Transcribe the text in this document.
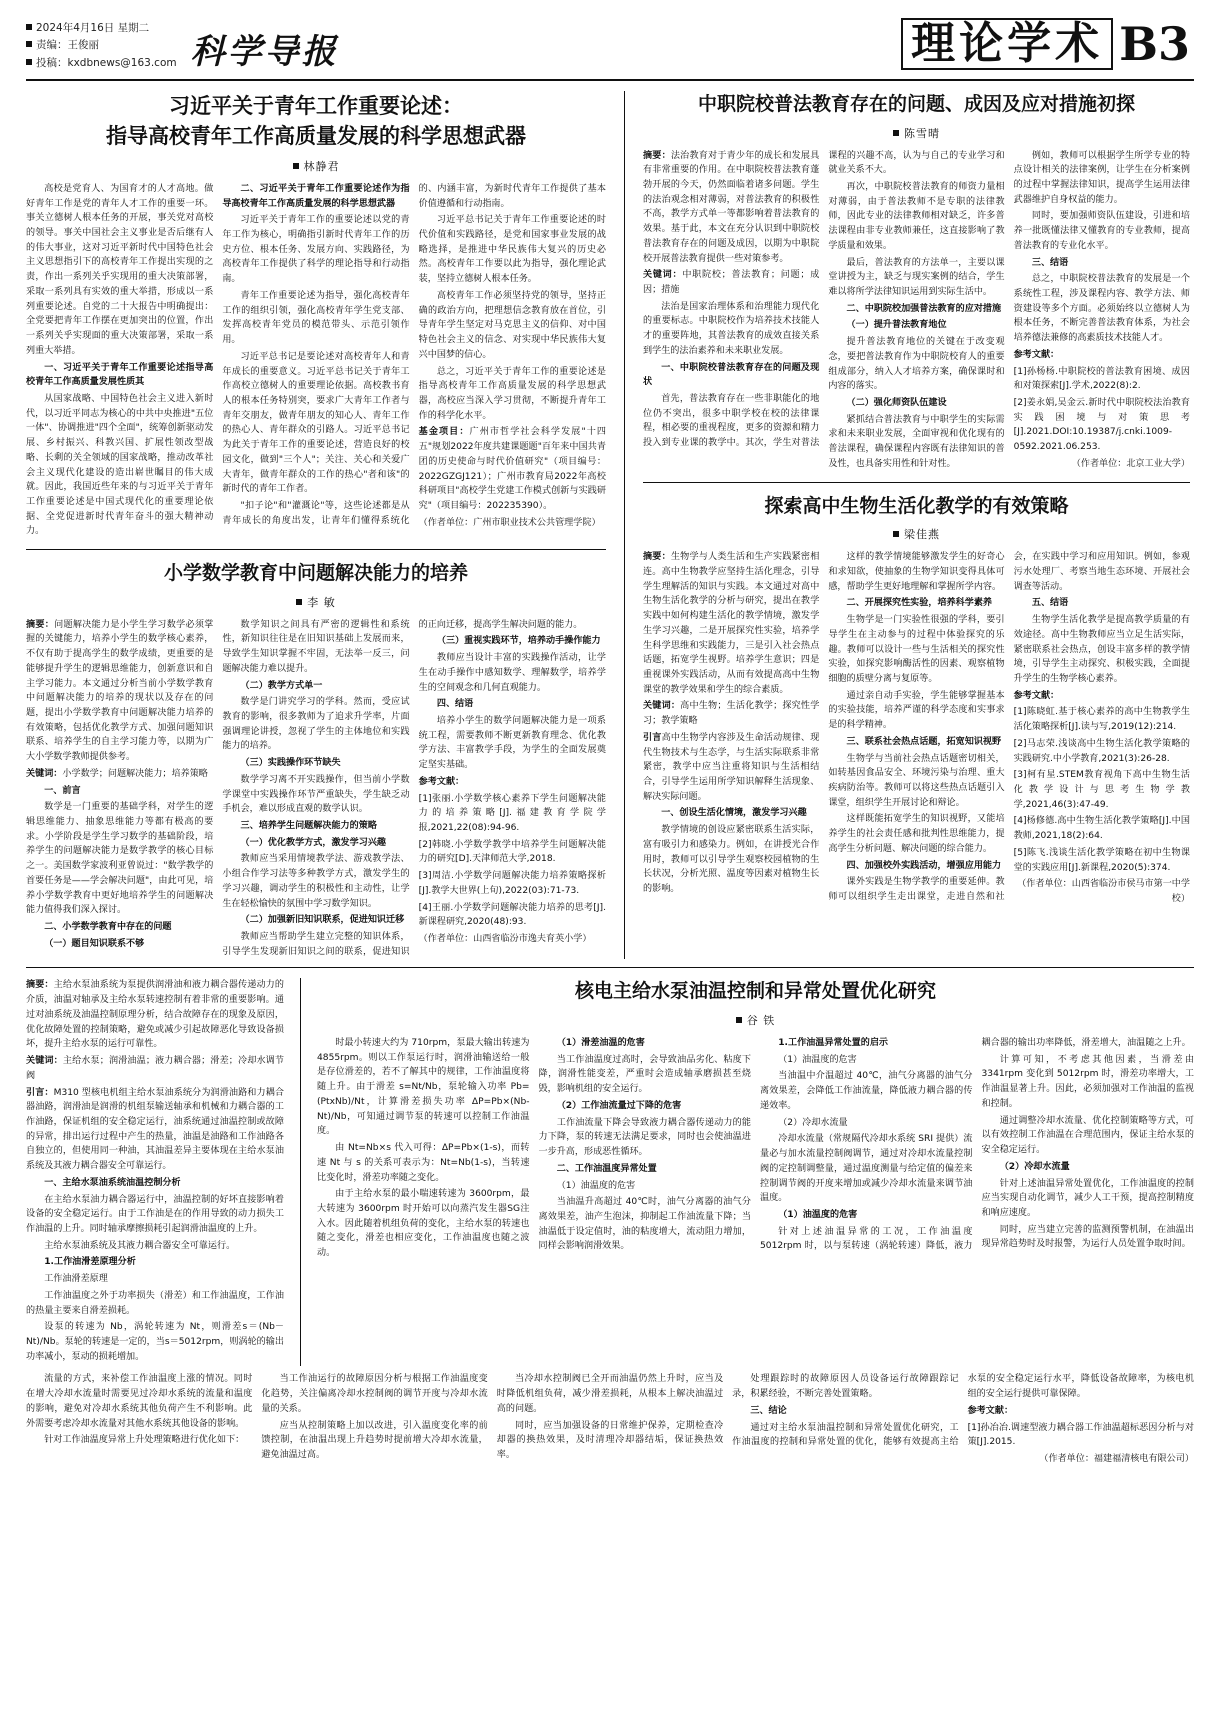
2024年4月16日 星期二
责编：王俊丽
投稿：kxdbnews@163.com 科学导报	理论学术 B3
习近平关于青年工作重要论述：
指导高校青年工作高质量发展的科学思想武器
林静君

高校是党育人、为国育才的人才高地。做好青年工作是党的青年人才工作的重要一环。事关立德树人根本任务的开展，事关党对高校的领导。事关中国社会主义事业是否后继有人的伟大事业，这对习近平新时代中国特色社会主义思想指引下的高校青年工作提出实现的之责，作出一系列关乎实现用的重大决策部署，采取一系列具有实效的重大举措，形成以一系列重要论述。自党的二十大报告中明确提出：全党要把青年工作摆在更加突出的位置，作出一系列关乎实现面的重大决策部署，采取一系列重大举措。

一、习近平关于青年工作重要论述指导高校青年工作高质量发展性质其

从国家战略、中国特色社会主义进入新时代，以习近平同志为核心的中共中央推进"五位一体"、协调推进"四个全面"，统筹创新驱动发展、乡村振兴、科教兴国、扩展性领改型战略、长剩的关全领域的国家战略，推动改革社会主义现代化建设的造出崭世瞩目的伟大成就。因此，我国近些年来的与习近平关于青年工作重要论述是中国式现代化的重要理论依据、全党促进新时代青年奋斗的强大精神动力。

二、习近平关于青年工作重要论述作为指导高校青年工作高质量发展的科学思想武器

习近平关于青年工作的重要论述以党的青年工作为核心，明确指引新时代青年工作的历史方位、根本任务、发展方向、实践路径，为高校青年工作提供了科学的理论指导和行动指南。

青年工作重要论述为指导，强化高校青年工作的组织引领，强化高校青年学生党支部、发挥高校青年党员的模范带头、示范引领作用。

习近平总书记是要论述对高校青年人和青年成长的重要意义。习近平总书记关于青年工作高校立德树人的重要理论依据。高校教书育人的根本任务特别突，要求广大青年工作者与青年交朋友，做青年朋友的知心人、青年工作的热心人、青年群众的引路人。习近平总书记为此关于青年工作的重要论述，营造良好的校园文化，做到"三个人"；关注、关心和关爱广大青年，做青年群众的工作的热心"者和该"的新时代的青年工作者。

"扣子论"和"灌溉论"等，这些论述都是从青年成长的角度出发，让青年们懂得系统化的、内涵丰富，为新时代青年工作提供了基本价值遵循和行动指南。

习近平总书记关于青年工作重要论述的时代价值和实践路径，是党和国家事业发展的战略选择，是推进中华民族伟大复兴的历史必然。高校青年工作要以此为指导，强化理论武装，坚持立德树人根本任务。

高校青年工作必须坚持党的领导，坚持正确的政治方向，把理想信念教育放在首位，引导青年学生坚定对马克思主义的信仰、对中国特色社会主义的信念、对实现中华民族伟大复兴中国梦的信心。

总之，习近平关于青年工作的重要论述是指导高校青年工作高质量发展的科学思想武器，高校应当深入学习贯彻，不断提升青年工作的科学化水平。

基金项目：广州市哲学社会科学发展"十四五"规划2022年度共建课题题"百年来中国共青团的历史使命与时代价值研究"（项目编号：2022GZGJ121）；广州市教育局2022年高校科研项目"高校学生党建工作模式创新与实践研究"（项目编号：202235390）。

（作者单位：广州市职业技术公共管理学院）

小学数学教育中问题解决能力的培养
李 敏

摘要：问题解决能力是小学生学习数学必须掌握的关键能力，培养小学生的数学核心素养，不仅有助于提高学生的数学成绩，更重要的是能够提升学生的逻辑思维能力，创新意识和自主学习能力。本文通过分析当前小学数学教育中问题解决能力的培养的现状以及存在的问题，提出小学数学教育中问题解决能力培养的有效策略，包括优化教学方式、加强问题知识联系、培养学生的自主学习能力等，以期为广大小学数学教师提供参考。

关键词：小学数学；问题解决能力；培养策略

一、前言

数学是一门重要的基础学科，对学生的逻辑思维能力、抽象思维能力等都有极高的要求。小学阶段是学生学习数学的基础阶段，培养学生的问题解决能力是数学教学的核心目标之一。美国数学家波利亚曾说过："数学教学的首要任务是——学会解决问题"，由此可见，培养小学数学教育中更好地培养学生的问题解决能力值得我们深入探讨。

二、小学数学教育中存在的问题

（一）题目知识联系不够

数学知识之间具有严密的逻辑性和系统性，新知识往往是在旧知识基础上发展而来，导致学生知识掌握不牢固，无法举一反三，问题解决能力难以提升。

（二）教学方式单一

数学是门讲究学习的学科。然而，受应试教育的影响，很多教师为了追求升学率，片面强调理论讲授，忽视了学生的主体地位和实践能力的培养。

（三）实践操作环节缺失

数学学习离不开实践操作，但当前小学数学课堂中实践操作环节严重缺失，学生缺乏动手机会，难以形成直观的数学认识。

三、培养学生问题解决能力的策略

（一）优化教学方式，激发学习兴趣

教师应当采用情境教学法、游戏教学法、小组合作学习法等多种教学方式，激发学生的学习兴趣，调动学生的积极性和主动性，让学生在轻松愉快的氛围中学习数学知识。

（二）加强新旧知识联系，促进知识迁移

教师应当帮助学生建立完整的知识体系，引导学生发现新旧知识之间的联系，促进知识的正向迁移，提高学生解决问题的能力。

（三）重视实践环节，培养动手操作能力

教师应当设计丰富的实践操作活动，让学生在动手操作中感知数学、理解数学，培养学生的空间观念和几何直观能力。

四、结语

培养小学生的数学问题解决能力是一项系统工程，需要教师不断更新教育理念、优化教学方法、丰富教学手段，为学生的全面发展奠定坚实基础。

参考文献：

[1]张丽.小学数学核心素养下学生问题解决能力的培养策略[J].福建教育学院学报,2021,22(08):94-96.

[2]韩晓.小学数学教学中培养学生问题解决能力的研究[D].天津师范大学,2018.

[3]周洁.小学数学问题解决能力培养策略探析[J].教学大世界(上旬),2022(03):71-73.

[4]王丽.小学数学问题解决能力培养的思考[J].新课程研究,2020(48):93.

（作者单位：山西省临汾市逸夫育英小学）

中职院校普法教育存在的问题、成因及应对措施初探
陈雪晴

摘要：法治教育对于青少年的成长和发展具有非常重要的作用。在中职院校普法教育蓬勃开展的今天，仍然面临着诸多问题。学生的法治观念相对薄弱，对普法教育的积极性不高，教学方式单一等都影响着普法教育的效果。基于此，本文在充分认识到中职院校普法教育存在的问题及成因，以期为中职院校开展普法教育提供一些对策参考。

关键词：中职院校；普法教育；问题；成因；措施

法治是国家治理体系和治理能力现代化的重要标志。中职院校作为培养技术技能人才的重要阵地，其普法教育的成效直接关系到学生的法治素养和未来职业发展。

一、中职院校普法教育存在的问题及现状

首先，普法教育存在一些非职能化的地位仍不突出，很多中职学校在校的法律课程，相必要的重视程度，更多的资源和精力投入到专业课的教学中。其次，学生对普法课程的兴趣不高，认为与自己的专业学习和就业关系不大。

再次，中职院校普法教育的师资力量相对薄弱，由于普法教师不是专职的法律教师，因此专业的法律教师相对缺乏，许多普法课程由非专业教师兼任，这直接影响了教学质量和效果。

最后，普法教育的方法单一，主要以课堂讲授为主，缺乏与现实案例的结合，学生难以将所学法律知识运用到实际生活中。

二、中职院校加强普法教育的应对措施

（一）提升普法教育地位

提升普法教育地位的关键在于改变观念，要把普法教育作为中职院校育人的重要组成部分，纳入人才培养方案，确保课时和内容的落实。

（二）强化师资队伍建设

紧抓结合普法教育与中职学生的实际需求和未来职业发展，全面审视和优化现有的普法课程，确保课程内容既有法律知识的普及性，也具备实用性和针对性。

例如，教师可以根据学生所学专业的特点设计相关的法律案例，让学生在分析案例的过程中掌握法律知识，提高学生运用法律武器维护自身权益的能力。

同时，要加强师资队伍建设，引进和培养一批既懂法律又懂教育的专业教师，提高普法教育的专业化水平。

三、结语

总之，中职院校普法教育的发展是一个系统性工程，涉及课程内容、教学方法、师资建设等多个方面。必须始终以立德树人为根本任务，不断完善普法教育体系，为社会培养德法兼修的高素质技术技能人才。

参考文献：

[1]孙杨杨.中职院校的普法教育困境、成因和对策探索[J].学术,2022(8):2.

[2]姜永娟,吴金云.新时代中职院校法治教育实践困境与对策思考[J].2021.DOI:10.19387/j.cnki.1009-0592.2021.06.253.

（作者单位：北京工业大学）

探索高中生物生活化教学的有效策略
梁佳燕

摘要：生物学与人类生活和生产实践紧密相连。高中生物教学应坚持生活化理念，引导学生理解活的知识与实践。本文通过对高中生物生活化教学的分析与研究，提出在教学实践中如何构建生活化的教学情境，激发学生学习兴趣，二是开展探究性实验，培养学生科学思维和实践能力，三是引入社会热点话题，拓宽学生视野。培养学生意识；四是重视课外实践活动，从而有效提高高中生物课堂的教学效果和学生的综合素质。

关键词：高中生物；生活化教学；探究性学习；教学策略

引言高中生物学内容涉及生命活动规律、现代生物技术与生态学，与生活实际联系非常紧密，教学中应当注重将知识与生活相结合，引导学生运用所学知识解释生活现象、解决实际问题。

一、创设生活化情境，激发学习兴趣

教学情境的创设应紧密联系生活实际，富有吸引力和感染力。例如，在讲授光合作用时，教师可以引导学生观察校园植物的生长状况，分析光照、温度等因素对植物生长的影响。

这样的教学情境能够激发学生的好奇心和求知欲，使抽象的生物学知识变得具体可感，帮助学生更好地理解和掌握所学内容。

二、开展探究性实验，培养科学素养

生物学是一门实验性很强的学科，要引导学生在主动参与的过程中体验探究的乐趣。教师可以设计一些与生活相关的探究性实验，如探究影响酶活性的因素、观察植物细胞的质壁分离与复原等。

通过亲自动手实验，学生能够掌握基本的实验技能，培养严谨的科学态度和实事求是的科学精神。

三、联系社会热点话题，拓宽知识视野

生物学与当前社会热点话题密切相关，如转基因食品安全、环境污染与治理、重大疾病防治等。教师可以将这些热点话题引入课堂，组织学生开展讨论和辩论。

这样既能拓宽学生的知识视野，又能培养学生的社会责任感和批判性思维能力，提高学生分析问题、解决问题的综合能力。

四、加强校外实践活动，增强应用能力

课外实践是生物学教学的重要延伸。教师可以组织学生走出课堂，走进自然和社会，在实践中学习和应用知识。例如，参观污水处理厂、考察当地生态环境、开展社会调查等活动。

五、结语

生物学生活化教学是提高教学质量的有效途径。高中生物教师应当立足生活实际，紧密联系社会热点，创设丰富多样的教学情境，引导学生主动探究、积极实践，全面提升学生的生物学核心素养。

参考文献：

[1]陈晓虹.基于核心素养的高中生物教学生活化策略探析[J].读与写,2019(12):214.

[2]马志荣.浅谈高中生物生活化教学策略的实践研究.中小学教育,2021(3):26-28.

[3]柯有星.STEM教育视角下高中生物生活化教学设计与思考生物学教学,2021,46(3):47-49.

[4]杨修德.高中生物生活化教学策略[J].中国教师,2021,18(2):64.

[5]陈飞.浅谈生活化教学策略在初中生物课堂的实践应用[J].新课程,2020(5):374.

（作者单位：山西省临汾市侯马市第一中学校）

摘要：主给水泵油系统为泵提供润滑油和液力耦合器传递动力的介质，油温对轴承及主给水泵转速控制有着非常的重要影响。通过对油系统及油温控制原理分析，结合故障存在的现象及原因，优化故障处置的控制策略，避免或减少引起故障恶化导致设备损坏，提升主给水泵的运行可靠性。

关键词：主给水泵；润滑油温；液力耦合器；滑差；冷却水调节阀

引言：M310 型核电机组主给水泵油系统分为润滑油路和力耦合器油路，润滑油是润滑的机组泵输送轴承和机械和力耦合器的工作油路，保证机组的安全稳定运行，油系统通过油温控制或故障的异常，排出运行过程中产生的热量，油温是油路和工作油路各自独立的，但使用同一种油，其油温差异主要体现在主给水泵油系统及其液力耦合器安全可靠运行。

一、主给水泵油系统油温控制分析

在主给水泵油力耦合器运行中，油温控制的好坏直接影响着设备的安全稳定运行。由于工作油是在的作用导致的动力损失工作油温的上升。同时轴承摩擦损耗引起润滑油温度的上升。

主给水泵油系统及其液力耦合器安全可靠运行。

1.工作油滑差原理分析

工作油滑差原理

工作油温度之外于功率损失（滑差）和工作油温度，工作油的热量主要来自滑差损耗。

设泵的转速为 Nb，涡轮转速为 Nt，则滑差s＝(Nb－Nt)/Nb。泵轮的转速是一定的，当s＝5012rpm，则涡轮的输出功率减小，泵动的损耗增加。

核电主给水泵油温控制和异常处置优化研究
谷 铁

时最小转速大约为 710rpm，泵最大输出转速为 4855rpm。则以工作泵运行时，润滑油输送给一般是存位滑差的，若不了解其中的规律，工作油温度将随上升。由于滑差 s=Nt/Nb，泵轮输入功率 Pb=(PtxNb)/Nt，计算滑差损失功率 ΔP=Pb×(Nb-Nt)/Nb，可知通过调节泵的转速可以控制工作油温度。

由 Nt=Nb×s 代入可得：ΔP=Pb×(1-s)，而转速 Nt 与 s 的关系可表示为：Nt=Nb(1-s)，当转速比变化时，滑差功率随之变化。

由于主给水泵的最小喘速转速为 3600rpm，最大转速为 3600rpm 时开始可以向蒸汽发生器SG注入水。因此随着机组负荷的变化，主给水泵的转速也随之变化，滑差也相应变化，工作油温度也随之波动。

（1）滑差油温的危害

当工作油温度过高时，会导致油品劣化、粘度下降，润滑性能变差，严重时会造成轴承磨损甚至烧毁，影响机组的安全运行。

（2）工作油流量过下降的危害

工作油流量下降会导致液力耦合器传递动力的能力下降，泵的转速无法满足要求，同时也会使油温进一步升高，形成恶性循环。

二、工作油温度异常处置

（1）油温度的危害

当油温升高超过 40℃时，油气分离器的油气分离效果差，油产生泡沫，抑制起工作油流量下降；当油温低于设定值时，油的粘度增大，流动阻力增加，同样会影响润滑效果。

1.工作油温异常处置的启示

（1）油温度的危害

当油温中介温超过 40℃，油气分离器的油气分离效果差，会降低工作油流量，降低液力耦合器的传递效率。

（2）冷却水流量

冷却水流量（常规隔代冷却水系统 SRI 提供）流量必与加水流量控制阀调节，通过对冷却水流量控制阀的定控制调整量，通过温度测量与给定值的偏差来控制调节阀的开度来增加或减少冷却水流量来调节油温度。

（1）油温度的危害

针对上述油温异常的工况，工作油温度 5012rpm 时，以与泵转速（涡轮转速）降低，液力耦合器的输出功率降低，滑差增大，油温随之上升。

计算可知，不考虑其他因素，当滑差由 3341rpm 变化到 5012rpm 时，滑差功率增大，工作油温显著上升。因此，必须加强对工作油温的监视和控制。

通过调整冷却水流量、优化控制策略等方式，可以有效控制工作油温在合理范围内，保证主给水泵的安全稳定运行。

（2）冷却水流量

针对上述油温异常处置优化，工作油温度的控制应当实现自动化调节，减少人工干预，提高控制精度和响应速度。

同时，应当建立完善的监测预警机制，在油温出现异常趋势时及时报警，为运行人员处置争取时间。

流量的方式，来补偿工作油温度上涨的情况。同时在增大冷却水流量时需要见过冷却水系统的流量和温度的影响，避免对冷却水系统其他负荷产生不利影响。此外需要考虑冷却水流量对其他水系统其他设备的影响。

针对工作油温度异常上升处理策略进行优化如下：

当工作油运行的故障原因分析与根据工作油温度变化趋势，关注偏离冷却水控制阀的调节开度与冷却水流量的关系。

应当从控制策略上加以改进，引入温度变化率的前馈控制，在油温出现上升趋势时提前增大冷却水流量，避免油温过高。

当冷却水控制阀已全开而油温仍然上升时，应当及时降低机组负荷，减少滑差损耗，从根本上解决油温过高的问题。

同时，应当加强设备的日常维护保养，定期检查冷却器的换热效果，及时清理冷却器结垢，保证换热效率。

处理跟踪时的故障原因人员设备运行故障跟踪记录，积累经验，不断完善处置策略。

三、结论

通过对主给水泵油温控制和异常处置优化研究，工作油温度的控制和异常处置的优化，能够有效提高主给水泵的安全稳定运行水平，降低设备故障率，为核电机组的安全运行提供可靠保障。

参考文献：

[1]孙冶冶.调速型液力耦合器工作油温超标恶因分析与对策[J].2015.

（作者单位：福建福清核电有限公司）
